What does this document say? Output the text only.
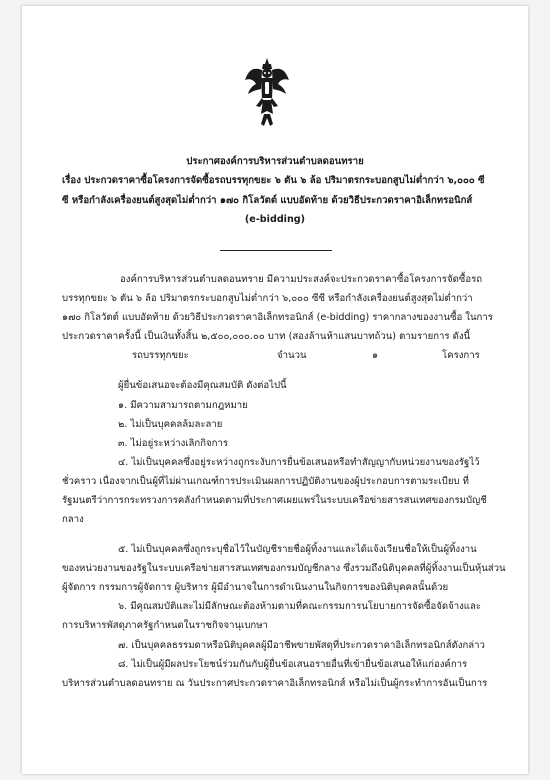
ประกาศองค์การบริหารส่วนตำบลดอนทราย
เรื่อง ประกวดราคาซื้อโครงการจัดซื้อรถบรรทุกขยะ ๖ ตัน ๖ ล้อ ปริมาตรกระบอกสูบไม่ต่ำกว่า ๖,๐๐๐ ซี
ซี หรือกำลังเครื่องยนต์สูงสุดไม่ต่ำกว่า ๑๗๐ กิโลวัตต์ แบบอัดท้าย ด้วยวิธีประกวดราคาอิเล็กทรอนิกส์
(e-bidding)
องค์การบริหารส่วนตำบลดอนทราย มีความประสงค์จะประกวดราคาซื้อโครงการจัดซื้อรถ
บรรทุกขยะ ๖ ตัน ๖ ล้อ ปริมาตรกระบอกสูบไม่ต่ำกว่า ๖,๐๐๐ ซีซี หรือกำลังเครื่องยนต์สูงสุดไม่ต่ำกว่า
๑๗๐ กิโลวัตต์ แบบอัดท้าย ด้วยวิธีประกวดราคาอิเล็กทรอนิกส์ (e-bidding) ราคากลางของงานซื้อ ในการ
ประกวดราคาครั้งนี้ เป็นเงินทั้งสิ้น ๒,๕๐๐,๐๐๐.๐๐ บาท (สองล้านห้าแสนบาทถ้วน) ตามรายการ ดังนี้
รถบรรทุกขยะ	จำนวน	๑	โครงการ
ผู้ยื่นข้อเสนอจะต้องมีคุณสมบัติ ดังต่อไปนี้
๑. มีความสามารถตามกฎหมาย
๒. ไม่เป็นบุคคลล้มละลาย
๓. ไม่อยู่ระหว่างเลิกกิจการ
๔. ไม่เป็นบุคคลซึ่งอยู่ระหว่างถูกระงับการยื่นข้อเสนอหรือทำสัญญากับหน่วยงานของรัฐไว้
ชั่วคราว เนื่องจากเป็นผู้ที่ไม่ผ่านเกณฑ์การประเมินผลการปฏิบัติงานของผู้ประกอบการตามระเบียบ ที่
รัฐมนตรีว่าการกระทรวงการคลังกำหนดตามที่ประกาศเผยแพร่ในระบบเครือข่ายสารสนเทศของกรมบัญชี
กลาง
๕. ไม่เป็นบุคคลซึ่งถูกระบุชื่อไว้ในบัญชีรายชื่อผู้ทิ้งงานและได้แจ้งเวียนชื่อให้เป็นผู้ทิ้งงาน
ของหน่วยงานของรัฐในระบบเครือข่ายสารสนเทศของกรมบัญชีกลาง ซึ่งรวมถึงนิติบุคคลที่ผู้ทิ้งงานเป็นหุ้นส่วน
ผู้จัดการ กรรมการผู้จัดการ ผู้บริหาร ผู้มีอำนาจในการดำเนินงานในกิจการของนิติบุคคลนั้นด้วย
๖. มีคุณสมบัติและไม่มีลักษณะต้องห้ามตามที่คณะกรรมการนโยบายการจัดซื้อจัดจ้างและ
การบริหารพัสดุภาครัฐกำหนดในราชกิจจานุเบกษา
๗. เป็นบุคคลธรรมดาหรือนิติบุคคลผู้มีอาชีพขายพัสดุที่ประกวดราคาอิเล็กทรอนิกส์ดังกล่าว
๘. ไม่เป็นผู้มีผลประโยชน์ร่วมกันกับผู้ยื่นข้อเสนอรายอื่นที่เข้ายื่นข้อเสนอให้แก่องค์การ
บริหารส่วนตำบลดอนทราย ณ วันประกาศประกวดราคาอิเล็กทรอนิกส์ หรือไม่เป็นผู้กระทำการอันเป็นการ
